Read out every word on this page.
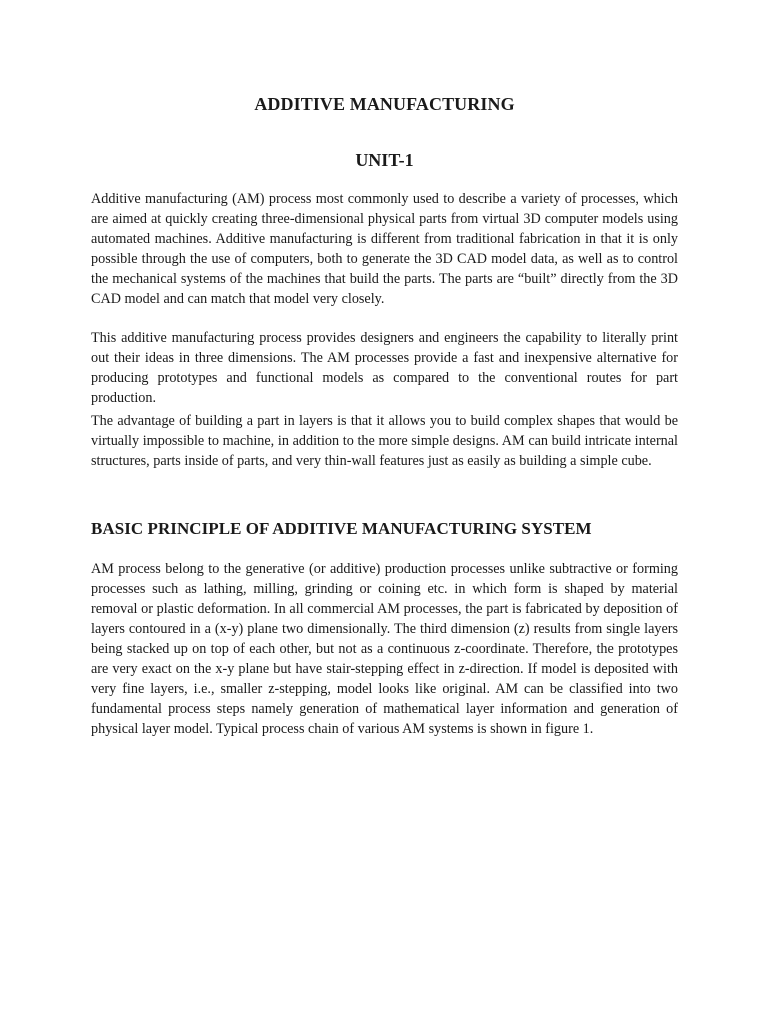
ADDITIVE MANUFACTURING
UNIT-1

Additive manufacturing (AM) process most commonly used to describe a variety of processes, which are aimed at quickly creating three-dimensional physical parts from virtual 3D computer models using automated machines. Additive manufacturing is different from traditional fabrication in that it is only possible through the use of computers, both to generate the 3D CAD model data, as well as to control the mechanical systems of the machines that build the parts. The parts are “built” directly from the 3D CAD model and can match that model very closely.

This additive manufacturing process provides designers and engineers the capability to literally print out their ideas in three dimensions. The AM processes provide a fast and inexpensive alternative for producing prototypes and functional models as compared to the conventional routes for part production.

The advantage of building a part in layers is that it allows you to build complex shapes that would be virtually impossible to machine, in addition to the more simple designs. AM can build intricate internal structures, parts inside of parts, and very thin-wall features just as easily as building a simple cube.

BASIC PRINCIPLE OF ADDITIVE MANUFACTURING SYSTEM

AM process belong to the generative (or additive) production processes unlike subtractive or forming processes such as lathing, milling, grinding or coining etc. in which form is shaped by material removal or plastic deformation. In all commercial AM processes, the part is fabricated by deposition of layers contoured in a (x-y) plane two dimensionally. The third dimension (z) results from single layers being stacked up on top of each other, but not as a continuous z-coordinate. Therefore, the prototypes are very exact on the x-y plane but have stair-stepping effect in z-direction. If model is deposited with very fine layers, i.e., smaller z-stepping, model looks like original. AM can be classified into two fundamental process steps namely generation of mathematical layer information and generation of physical layer model. Typical process chain of various AM systems is shown in figure 1.
